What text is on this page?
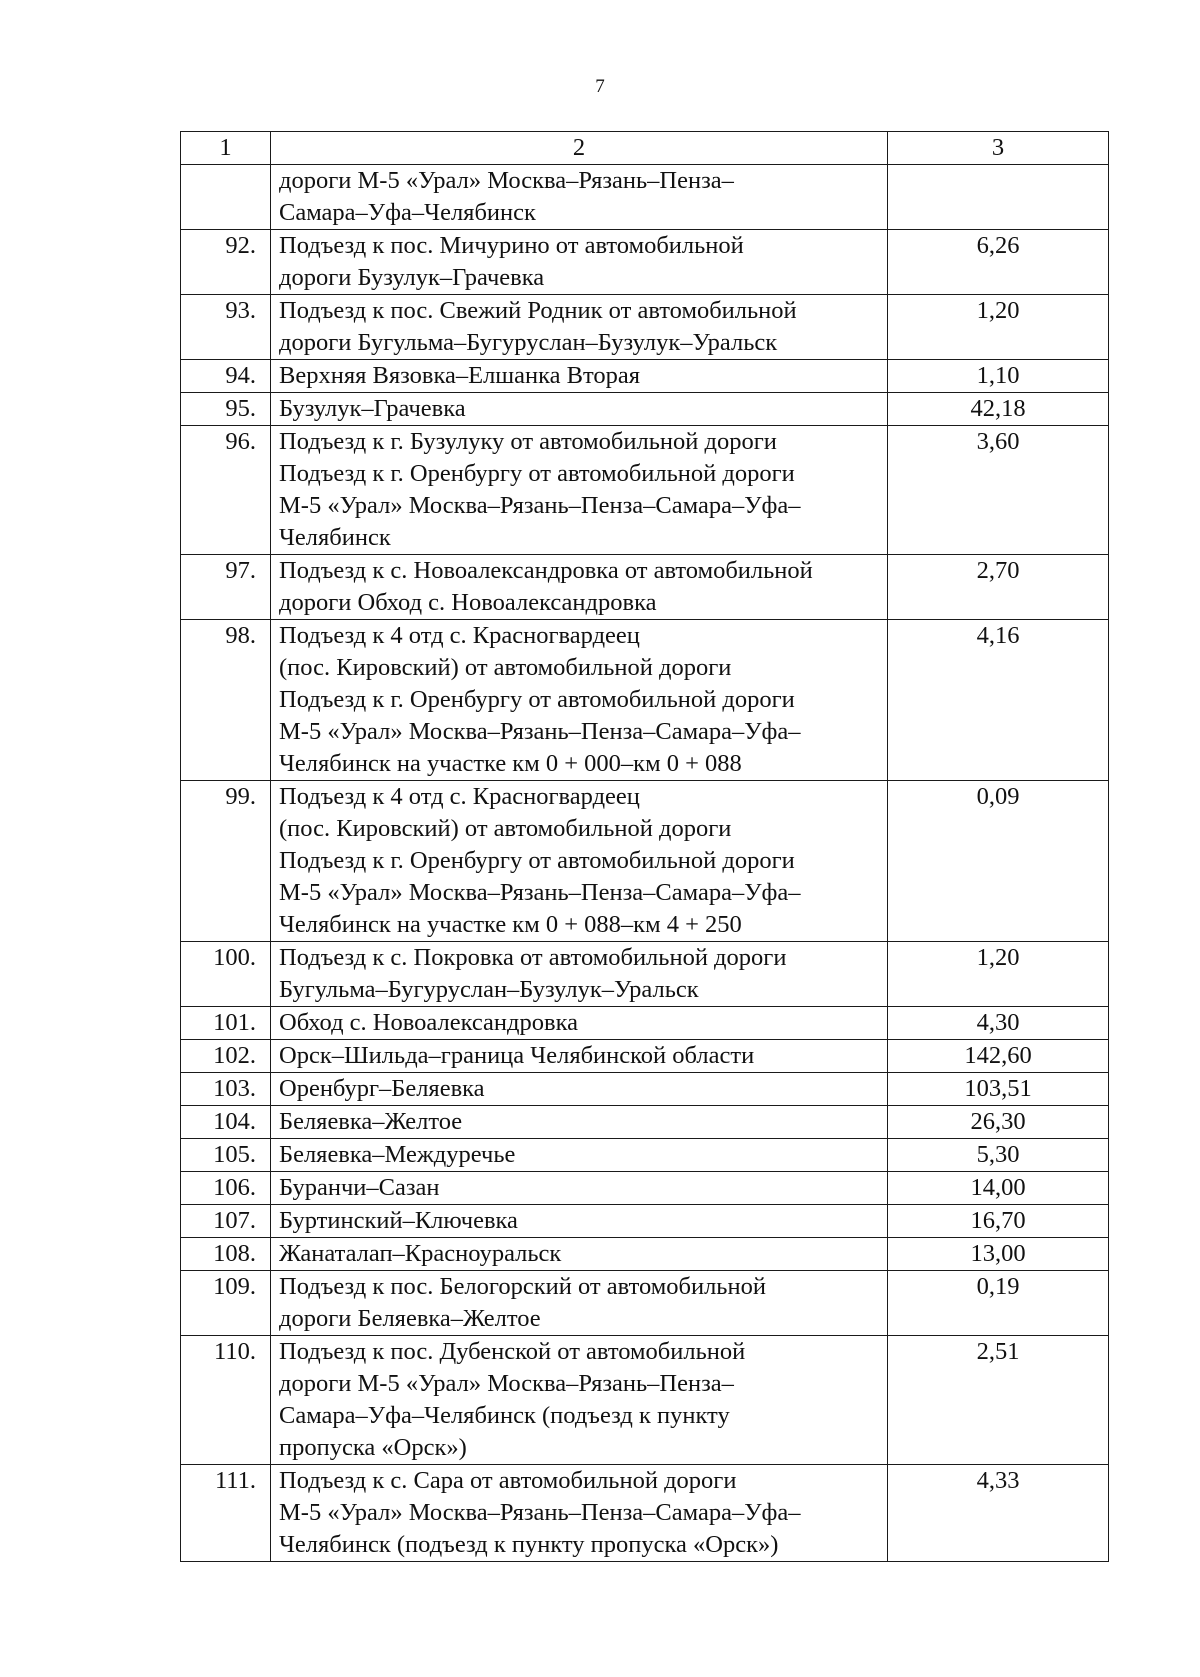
7
1	2	3

	дороги М-5 «Урал» Москва–Рязань–Пенза–
Самара–Уфа–Челябинск	

92.	Подъезд к пос. Мичурино от автомобильной
дороги Бузулук–Грачевка	6,26
93.	Подъезд к пос. Свежий Родник от автомобильной
дороги Бугульма–Бугуруслан–Бузулук–Уральск	1,20
94.	Верхняя Вязовка–Елшанка Вторая	1,10
95.	Бузулук–Грачевка	42,18
96.	Подъезд к г. Бузулуку от автомобильной дороги
Подъезд к г. Оренбургу от автомобильной дороги
М-5 «Урал» Москва–Рязань–Пенза–Самара–Уфа–
Челябинск	3,60
97.	Подъезд к с. Новоалександровка от автомобильной
дороги Обход с. Новоалександровка	2,70
98.	Подъезд к 4 отд с. Красногвардеец
(пос. Кировский) от автомобильной дороги
Подъезд к г. Оренбургу от автомобильной дороги
М-5 «Урал» Москва–Рязань–Пенза–Самара–Уфа–
Челябинск на участке км 0 + 000–км 0 + 088	4,16
99.	Подъезд к 4 отд с. Красногвардеец
(пос. Кировский) от автомобильной дороги
Подъезд к г. Оренбургу от автомобильной дороги
М-5 «Урал» Москва–Рязань–Пенза–Самара–Уфа–
Челябинск на участке км 0 + 088–км 4 + 250	0,09
100.	Подъезд к с. Покровка от автомобильной дороги
Бугульма–Бугуруслан–Бузулук–Уральск	1,20
101.	Обход с. Новоалександровка	4,30
102.	Орск–Шильда–граница Челябинской области	142,60
103.	Оренбург–Беляевка	103,51
104.	Беляевка–Желтое	26,30
105.	Беляевка–Междуречье	5,30
106.	Буранчи–Сазан	14,00
107.	Буртинский–Ключевка	16,70
108.	Жанаталап–Красноуральск	13,00
109.	Подъезд к пос. Белогорский от автомобильной
дороги Беляевка–Желтое	0,19
110.	Подъезд к пос. Дубенской от автомобильной
дороги М-5 «Урал» Москва–Рязань–Пенза–
Самара–Уфа–Челябинск (подъезд к пункту
пропуска «Орск»)	2,51
111.	Подъезд к с. Сара от автомобильной дороги
М-5 «Урал» Москва–Рязань–Пенза–Самара–Уфа–
Челябинск (подъезд к пункту пропуска «Орск»)	4,33
